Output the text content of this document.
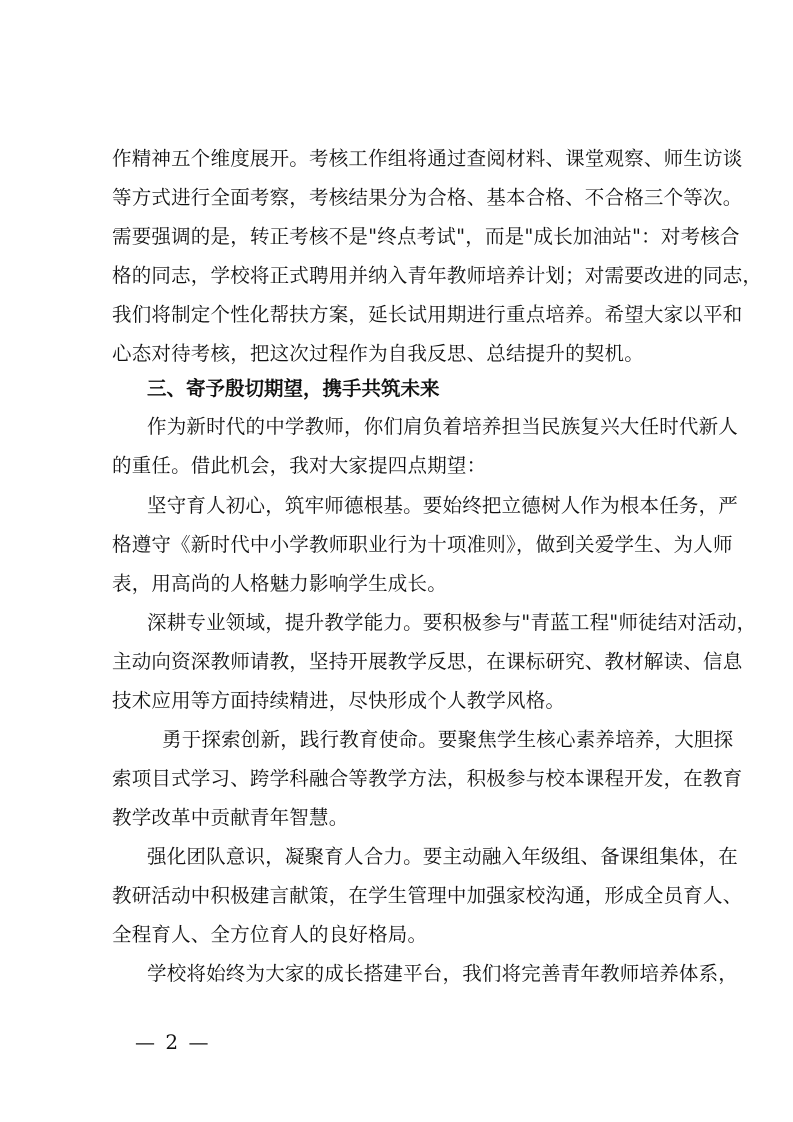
作精神五个维度展开。考核工作组将通过查阅材料、课堂观察、师生访谈
等方式进行全面考察，考核结果分为合格、基本合格、不合格三个等次。
需要强调的是，转正考核不是"终点考试"，而是"成长加油站"：对考核合
格的同志，学校将正式聘用并纳入青年教师培养计划；对需要改进的同志，
我们将制定个性化帮扶方案，延长试用期进行重点培养。希望大家以平和
心态对待考核，把这次过程作为自我反思、总结提升的契机。
三、寄予殷切期望，携手共筑未来
作为新时代的中学教师，你们肩负着培养担当民族复兴大任时代新人
的重任。借此机会，我对大家提四点期望：
坚守育人初心，筑牢师德根基。要始终把立德树人作为根本任务，严
格遵守《新时代中小学教师职业行为十项准则》，做到关爱学生、为人师
表，用高尚的人格魅力影响学生成长。
深耕专业领域，提升教学能力。要积极参与"青蓝工程"师徒结对活动，
主动向资深教师请教，坚持开展教学反思，在课标研究、教材解读、信息
技术应用等方面持续精进，尽快形成个人教学风格。
勇于探索创新，践行教育使命。要聚焦学生核心素养培养，大胆探
索项目式学习、跨学科融合等教学方法，积极参与校本课程开发，在教育
教学改革中贡献青年智慧。
强化团队意识，凝聚育人合力。要主动融入年级组、备课组集体，在
教研活动中积极建言献策，在学生管理中加强家校沟通，形成全员育人、
全程育人、全方位育人的良好格局。
学校将始终为大家的成长搭建平台，我们将完善青年教师培养体系，
— 2 —
